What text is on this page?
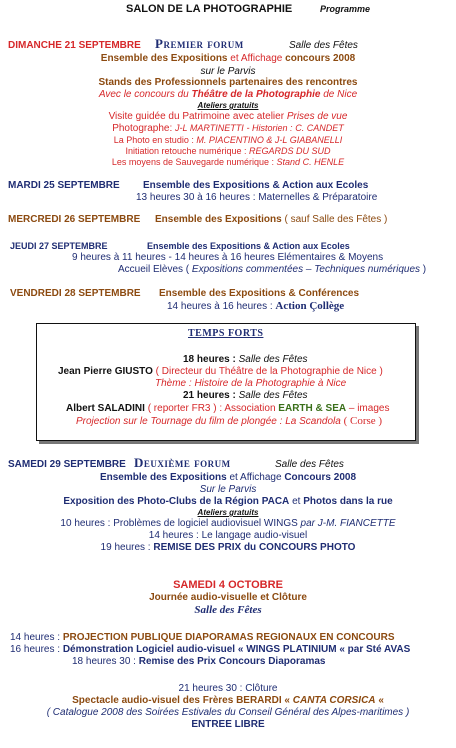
SALON DE LA PHOTOGRAPHIE	Programme
DIMANCHE 21 SEPTEMBRE Premier forum	Salle des Fêtes
Ensemble des Expositions et Affichage concours 2008
sur le Parvis
Stands des Professionnels partenaires des rencontres
Avec le concours du Théâtre de la Photographie de Nice
Ateliers gratuits
Visite guidée du Patrimoine avec atelier Prises de vue
Photographe: J-L MARTINETTI - Historien : C. CANDET
La Photo en studio : M. PIACENTINO & J-L GIABANELLI
Initiation retouche numérique : REGARDS DU SUD
Les moyens de Sauvegarde numérique : Stand C. HENLE
MARDI 25 SEPTEMBRE Ensemble des Expositions & Action aux Ecoles
13 heures 30 à 16 heures : Maternelles & Préparatoire
MERCREDI 26 SEPTEMBRE Ensemble des Expositions ( sauf Salle des Fêtes )
JEUDI 27 SEPTEMBRE	Ensemble des Expositions & Action aux Ecoles
9 heures à 11 heures - 14 heures à 16 heures Elémentaires & Moyens
Accueil Elèves ( Expositions commentées – Techniques numériques )
VENDREDI 28 SEPTEMBRE Ensemble des Expositions & Conférences
14 heures à 16 heures : Action Çollège
TEMPS FORTS
18 heures : Salle des Fêtes
Jean Pierre GIUSTO ( Directeur du Théâtre de la Photographie de Nice )
Thème : Histoire de la Photographie à Nice
21 heures : Salle des Fêtes
Albert SALADINI ( reporter FR3 ) : Association EARTH & SEA – images
Projection sur le Tournage du film de plongée : La Scandola ( Corse )
SAMEDI 29 SEPTEMBRE Deuxième forum	Salle des Fêtes
Ensemble des Expositions et Affichage Concours 2008
Sur le Parvis
Exposition des Photo-Clubs de la Région PACA et Photos dans la rue
Ateliers gratuits
10 heures : Problèmes de logiciel audiovisuel WINGS par J-M. FIANCETTE
14 heures : Le langage audio-visuel
19 heures : REMISE DES PRIX du CONCOURS PHOTO
SAMEDI 4 OCTOBRE
Journée audio-visuelle et Clôture
Salle des Fêtes
14 heures : PROJECTION PUBLIQUE DIAPORAMAS REGIONAUX EN CONCOURS
16 heures : Démonstration Logiciel audio-visuel « WINGS PLATINIUM « par Sté AVAS
18 heures 30 : Remise des Prix Concours Diaporamas
21 heures 30 : Clôture
Spectacle audio-visuel des Frères BERARDI « CANTA CORSICA «
( Catalogue 2008 des Soirées Estivales du Conseil Général des Alpes-maritimes )
ENTREE LIBRE
